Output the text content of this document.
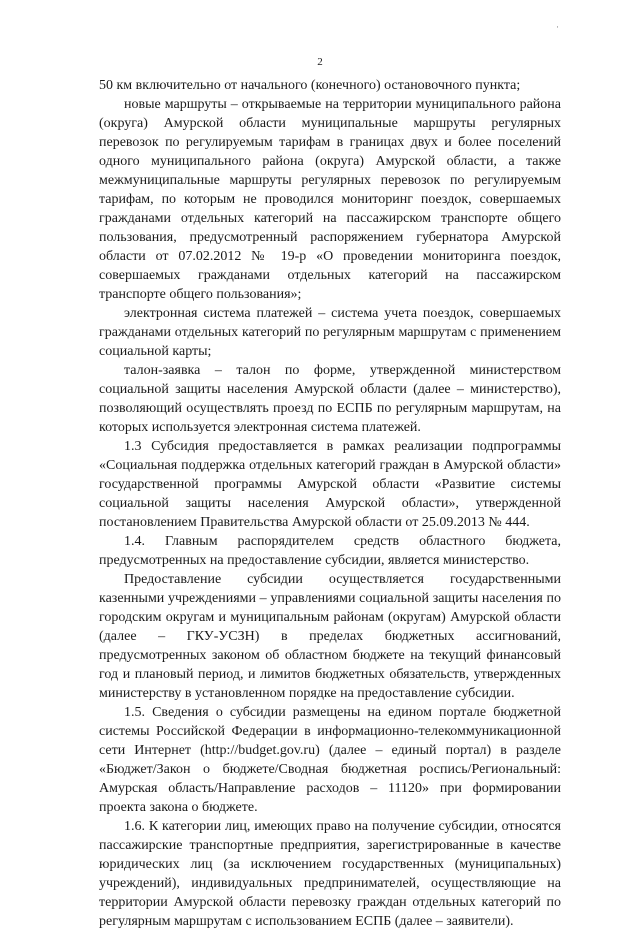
·
2

50 км включительно от начального (конечного) остановочного пункта;

новые маршруты – открываемые на территории муниципального района (округа) Амурской области муниципальные маршруты регулярных перевозок по регулируемым тарифам в границах двух и более поселений одного муниципального района (округа) Амурской области, а также межмуниципальные маршруты регулярных перевозок по регулируемым тарифам, по которым не проводился мониторинг поездок, совершаемых гражданами отдельных категорий на пассажирском транспорте общего пользования, предусмотренный распоряжением губернатора Амурской области от 07.02.2012 № 19-р «О проведении мониторинга поездок, совершаемых гражданами отдельных категорий на пассажирском транспорте общего пользования»;

электронная система платежей – система учета поездок, совершаемых гражданами отдельных категорий по регулярным маршрутам с применением социальной карты;

талон-заявка – талон по форме, утвержденной министерством социальной защиты населения Амурской области (далее – министерство), позволяющий осуществлять проезд по ЕСПБ по регулярным маршрутам, на которых используется электронная система платежей.

1.3 Субсидия предоставляется в рамках реализации подпрограммы «Социальная поддержка отдельных категорий граждан в Амурской области» государственной программы Амурской области «Развитие системы социальной защиты населения Амурской области», утвержденной постановлением Правительства Амурской области от 25.09.2013 № 444.

1.4. Главным распорядителем средств областного бюджета, предусмотренных на предоставление субсидии, является министерство.

Предоставление субсидии осуществляется государственными казенными учреждениями – управлениями социальной защиты населения по городским округам и муниципальным районам (округам) Амурской области (далее – ГКУ-УСЗН) в пределах бюджетных ассигнований, предусмотренных законом об областном бюджете на текущий финансовый год и плановый период, и лимитов бюджетных обязательств, утвержденных министерству в установленном порядке на предоставление субсидии.

1.5. Сведения о субсидии размещены на едином портале бюджетной системы Российской Федерации в информационно-телекоммуникационной сети Интернет (http://budget.gov.ru) (далее – единый портал) в разделе «Бюджет/Закон о бюджете/Сводная бюджетная роспись/Региональный: Амурская область/Направление расходов – 11120» при формировании проекта закона о бюджете.

1.6. К категории лиц, имеющих право на получение субсидии, относятся пассажирские транспортные предприятия, зарегистрированные в качестве юридических лиц (за исключением государственных (муниципальных) учреждений), индивидуальных предпринимателей, осуществляющие на территории Амурской области перевозку граждан отдельных категорий по регулярным маршрутам с использованием ЕСПБ (далее – заявители).
